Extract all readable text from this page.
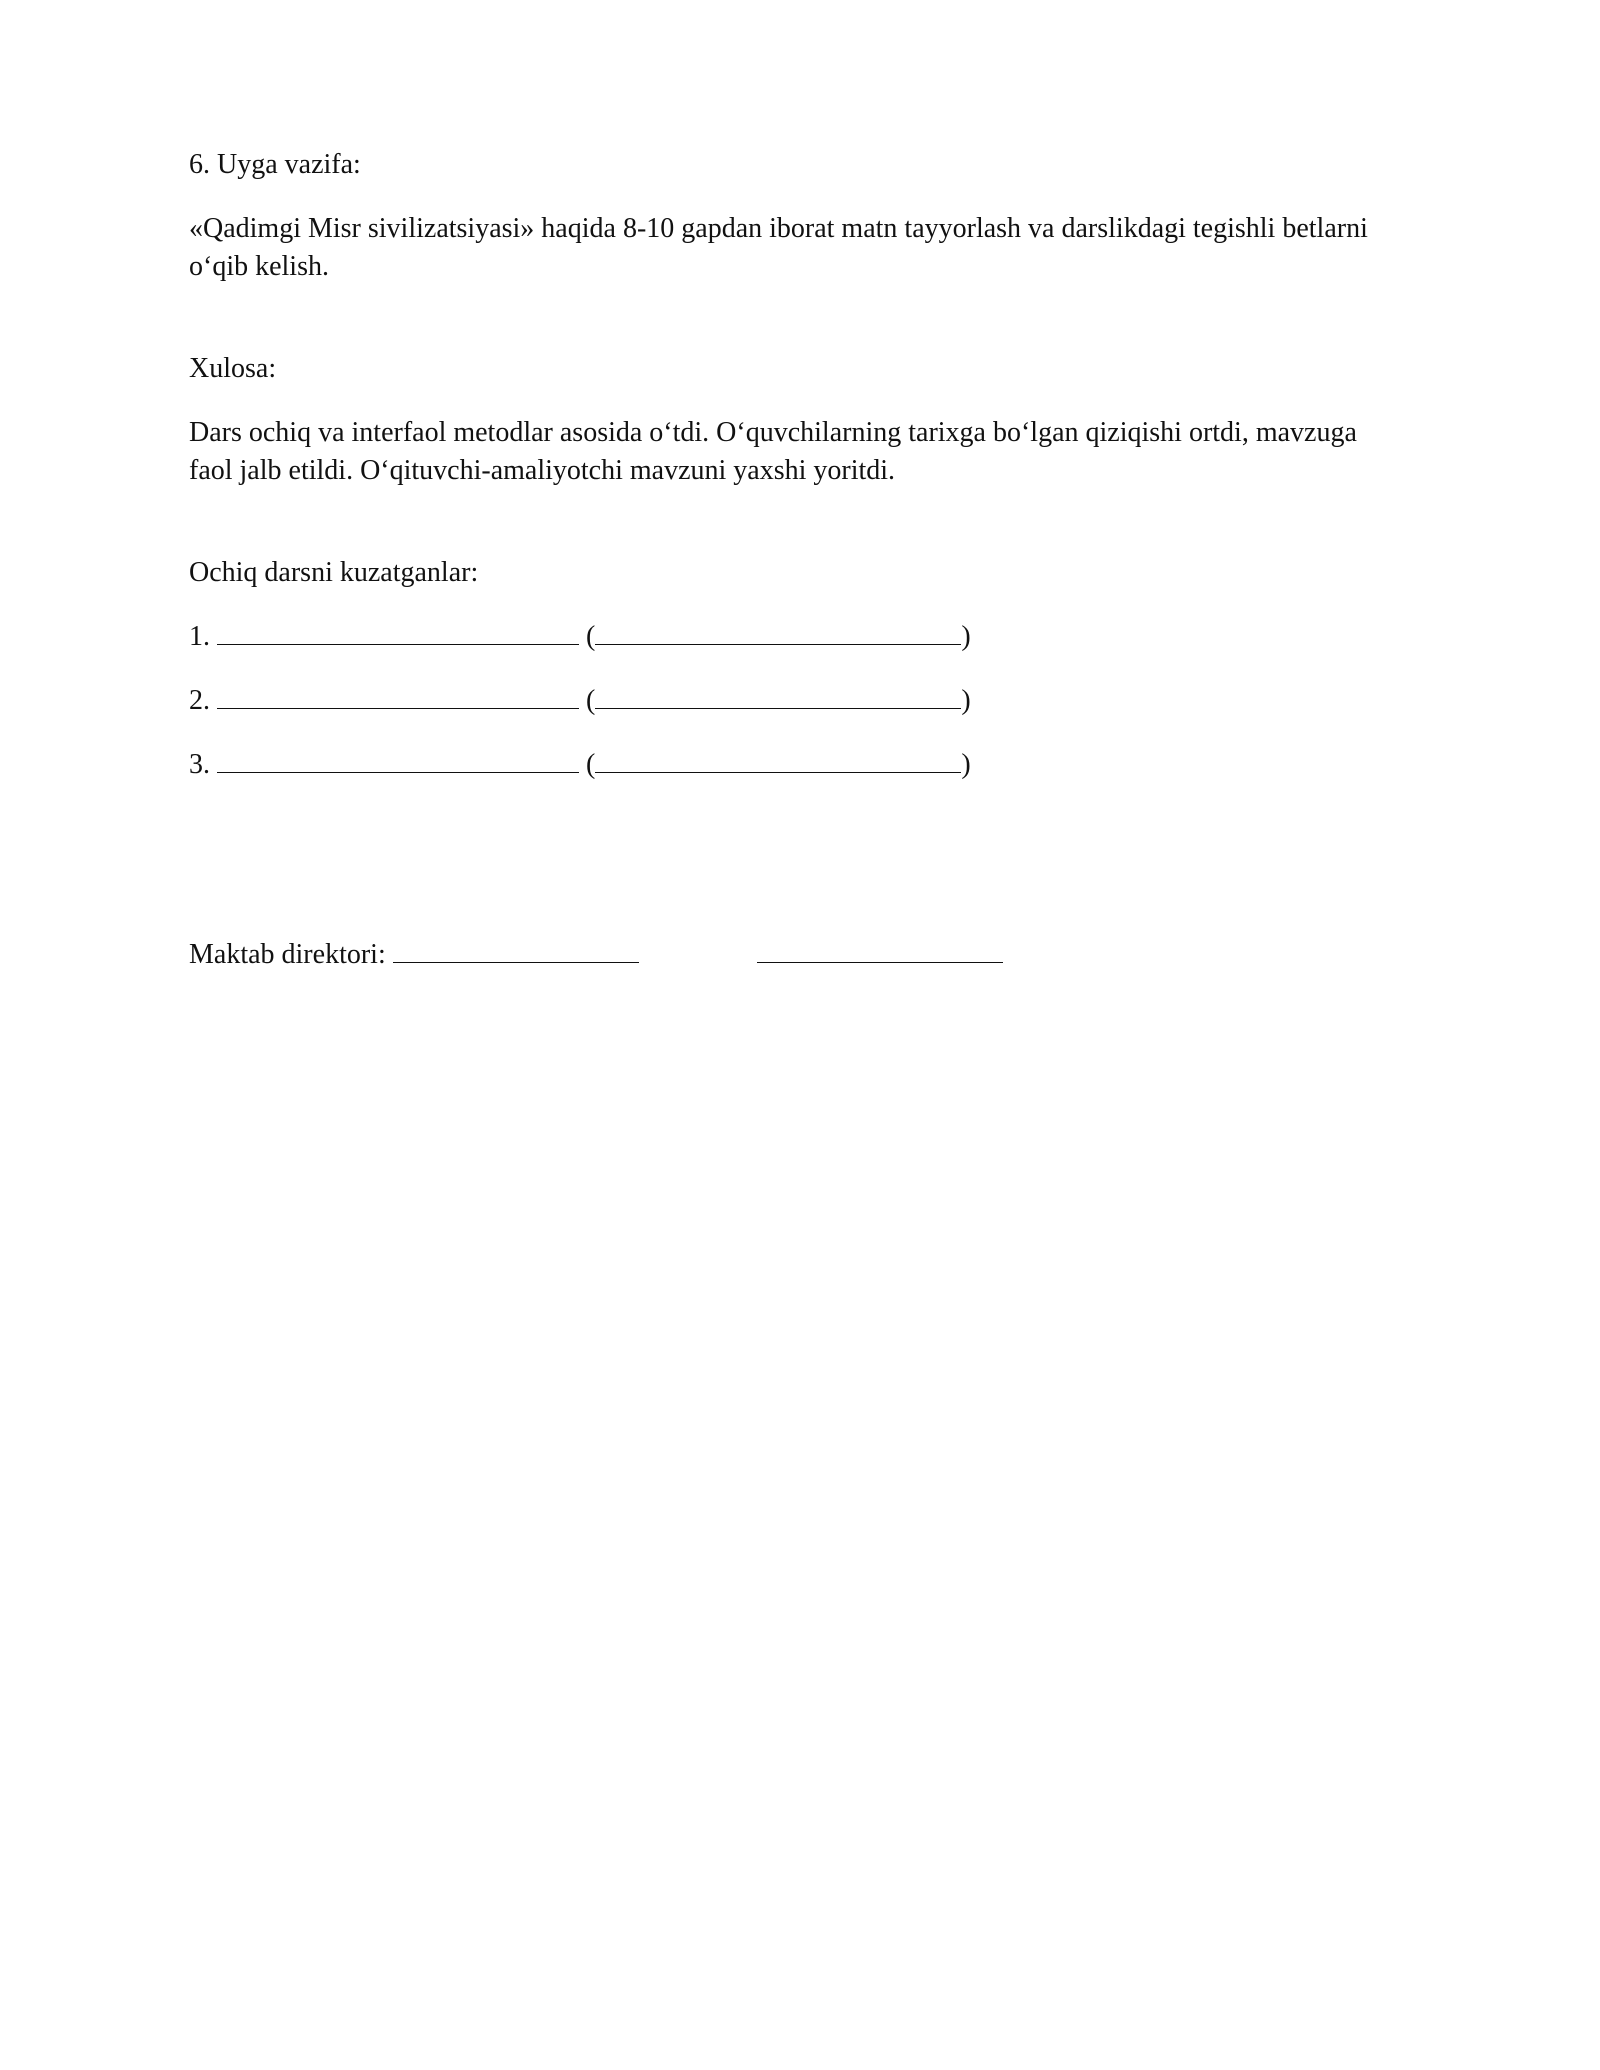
6. Uyga vazifa:

«Qadimgi Misr sivilizatsiyasi» haqida 8-10 gapdan iborat matn tayyorlash va darslikdagi tegishli betlarni

oʻqib kelish.

Xulosa:

Dars ochiq va interfaol metodlar asosida oʻtdi. Oʻquvchilarning tarixga boʻlgan qiziqishi ortdi, mavzuga

faol jalb etildi. Oʻqituvchi-amaliyotchi mavzuni yaxshi yoritdi.

Ochiq darsni kuzatganlar:

1.	(	)

2.	(	)

3.	(	)

Maktab direktori:
